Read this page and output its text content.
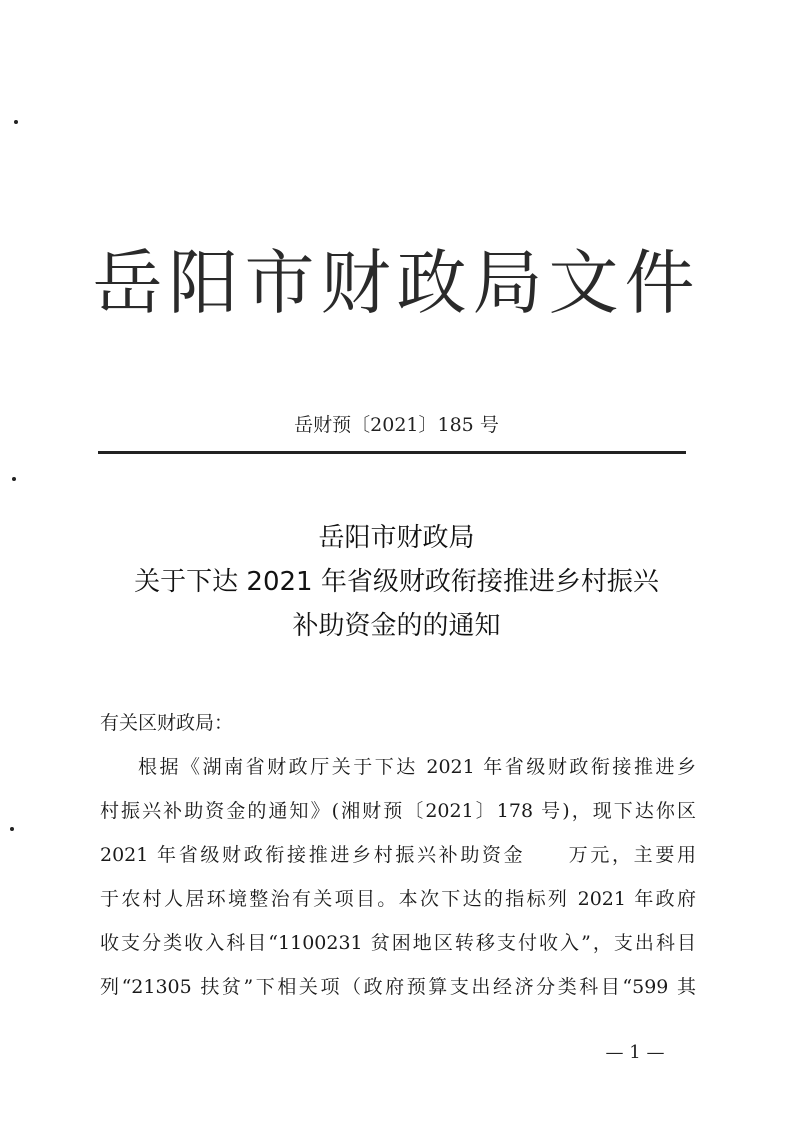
岳阳市财政局文件
岳财预〔2021〕185 号
岳阳市财政局
关于下达 2021 年省级财政衔接推进乡村振兴
补助资金的的通知
有关区财政局：
根据《湖南省财政厅关于下达 2021 年省级财政衔接推进乡
村振兴补助资金的通知》(湘财预〔2021〕178 号)，现下达你区
2021 年省级财政衔接推进乡村振兴补助资金　　万元，主要用
于农村人居环境整治有关项目。本次下达的指标列 2021 年政府
收支分类收入科目“1100231 贫困地区转移支付收入”，支出科目
列“21305 扶贫”下相关项（政府预算支出经济分类科目“599 其
— 1 —
